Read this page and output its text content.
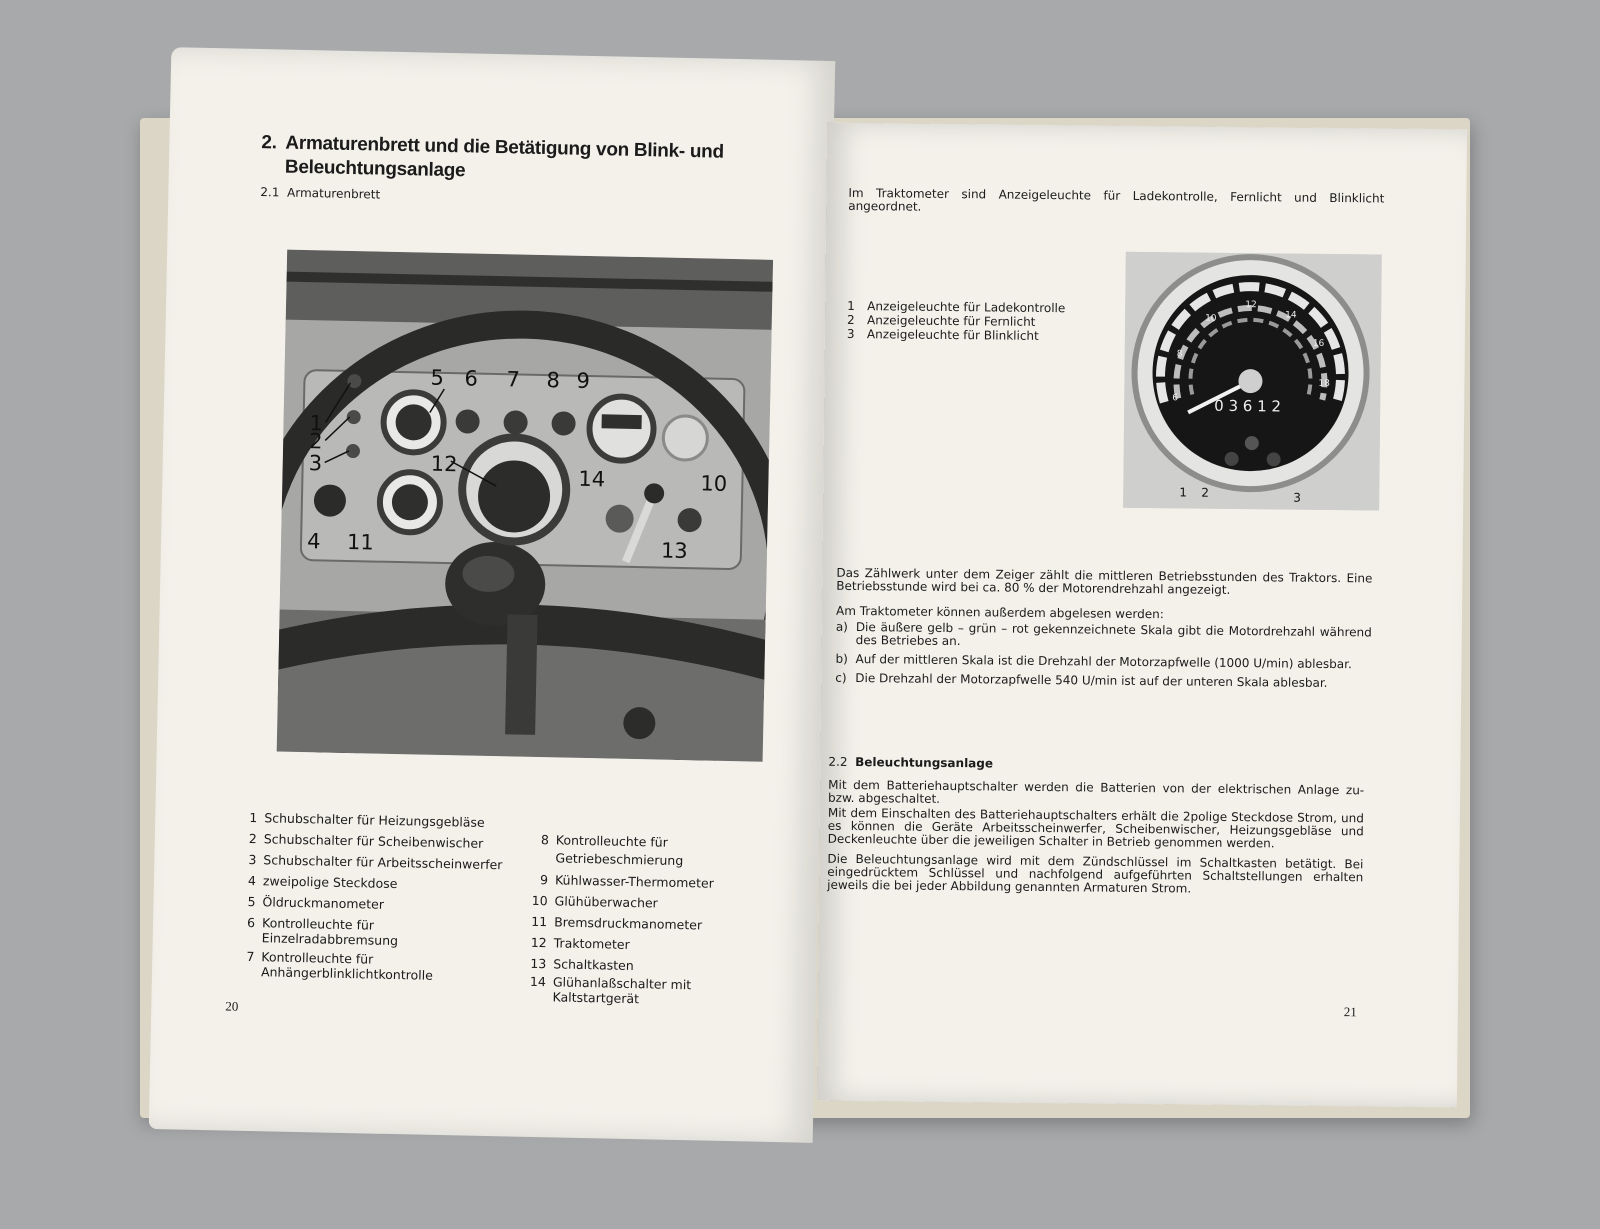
2. Armaturenbrett und die Betätigung von Blink- und
Beleuchtungsanlage
2.1 Armaturenbrett
1
2
3
4
5 6 7 8 9
10
11
12
13
14
1 Schubschalter für Heizungsgebläse
2 Schubschalter für Scheibenwischer
3 Schubschalter für Arbeitsscheinwerfer
4 zweipolige Steckdose
5 Öldruckmanometer
6 Kontrolleuchte für Einzelradabbremsung
7 Kontrolleuchte für Anhängerblinklichtkontrolle
8 Kontrolleuchte für Getriebeschmierung
9 Kühlwasser-Thermometer
10 Glühüberwacher
11 Bremsdruckmanometer
12 Traktometer
13 Schaltkasten
14 Glühanlaßschalter mit Kaltstartgerät
20
Im Traktometer sind Anzeigeleuchte für Ladekontrolle, Fernlicht und Blinklicht angeordnet.
1	Anzeigeleuchte für Ladekontrolle
2	Anzeigeleuchte für Fernlicht
3	Anzeigeleuchte für Blinklicht
6
8
10
12
14
16
18
0 3 6 1 2
1 2	3
Das Zählwerk unter dem Zeiger zählt die mittleren Betriebsstunden des Traktors. Eine Betriebsstunde wird bei ca. 80 % der Motorendrehzahl angezeigt.
Am Traktometer können außerdem abgelesen werden:
a) Die äußere gelb – grün – rot gekennzeichnete Skala gibt die Motordrehzahl während des Betriebes an.
b) Auf der mittleren Skala ist die Drehzahl der Motorzapfwelle (1000 U/min) ablesbar.
c) Die Drehzahl der Motorzapfwelle 540 U/min ist auf der unteren Skala ablesbar.
2.2 Beleuchtungsanlage
Mit dem Batteriehauptschalter werden die Batterien von der elektrischen Anlage zu- bzw. abgeschaltet.
Mit dem Einschalten des Batteriehauptschalters erhält die 2polige Steckdose Strom, und es können die Geräte Arbeitsscheinwerfer, Scheibenwischer, Heizungsgebläse und Deckenleuchte über die jeweiligen Schalter in Betrieb genommen werden.
Die Beleuchtungsanlage wird mit dem Zündschlüssel im Schaltkasten betätigt. Bei eingedrücktem Schlüssel und nachfolgend aufgeführten Schaltstellungen erhalten jeweils die bei jeder Abbildung genannten Armaturen Strom.
21
